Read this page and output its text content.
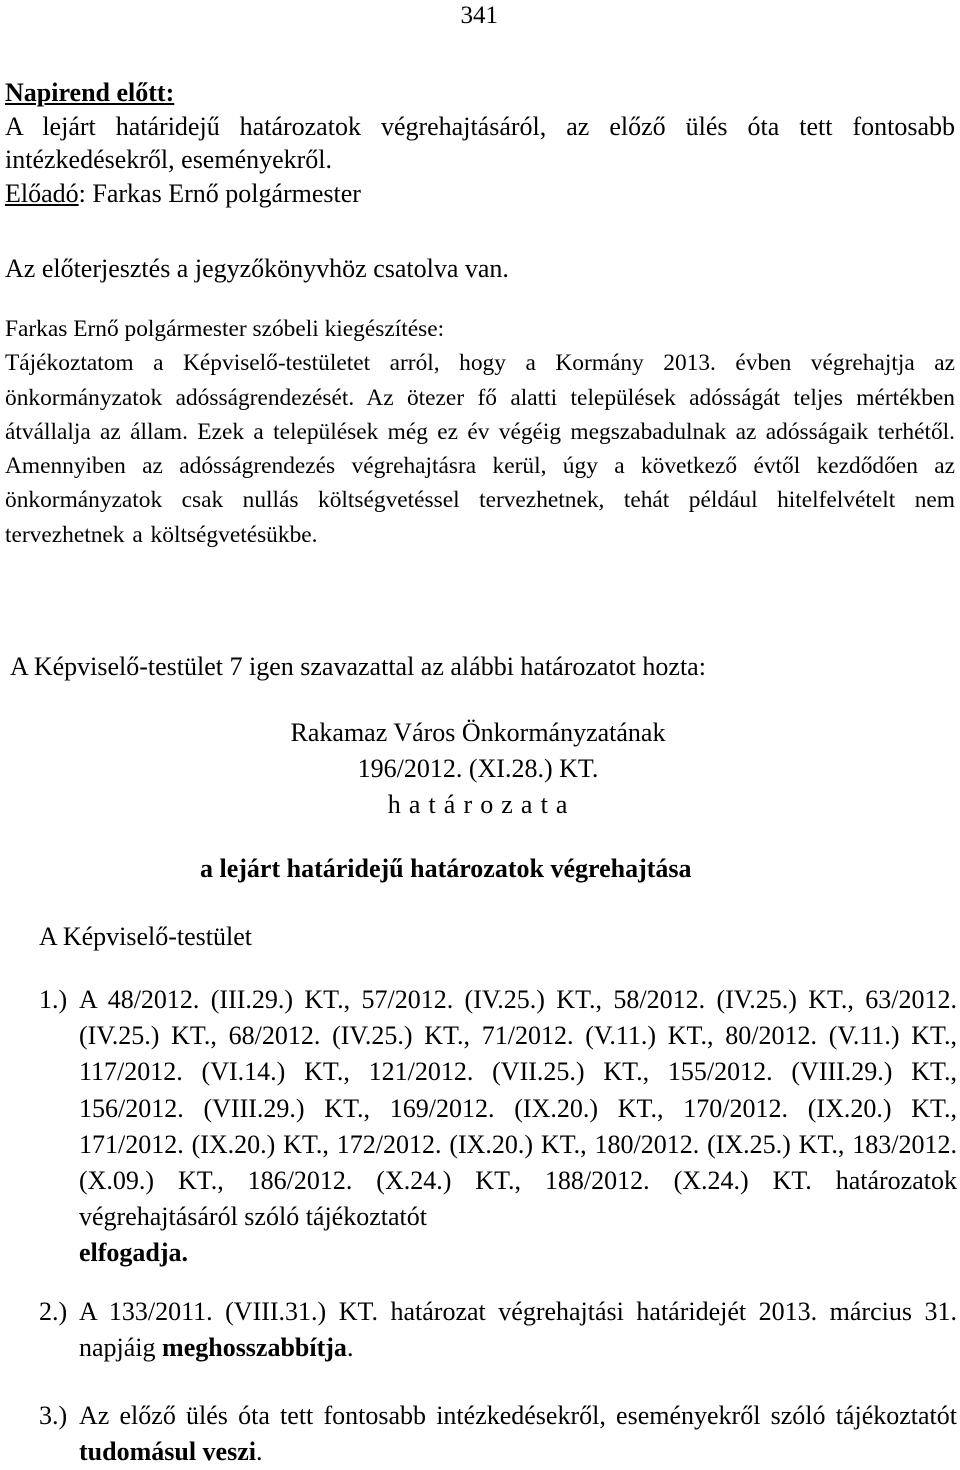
341
Napirend előtt:
A lejárt határidejű határozatok végrehajtásáról, az előző ülés óta tett fontosabb intézkedésekről, eseményekről.
Előadó: Farkas Ernő polgármester
Az előterjesztés a jegyzőkönyvhöz csatolva van.
Farkas Ernő polgármester szóbeli kiegészítése:
Tájékoztatom a Képviselő-testületet arról, hogy a Kormány 2013. évben végrehajtja az önkormányzatok adósságrendezését. Az ötezer fő alatti települések adósságát teljes mértékben átvállalja az állam. Ezek a települések még ez év végéig megszabadulnak az adósságaik terhétől. Amennyiben az adósságrendezés végrehajtásra kerül, úgy a következő évtől kezdődően az önkormányzatok csak nullás költségvetéssel tervezhetnek, tehát például hitelfelvételt nem tervezhetnek a költségvetésükbe.
A Képviselő-testület 7 igen szavazattal az alábbi határozatot hozta:
Rakamaz Város Önkormányzatának
196/2012. (XI.28.) KT.
h a t á r o z a t a
a lejárt határidejű határozatok végrehajtása
A Képviselő-testület
1.) A 48/2012. (III.29.) KT., 57/2012. (IV.25.) KT., 58/2012. (IV.25.) KT., 63/2012. (IV.25.) KT., 68/2012. (IV.25.) KT., 71/2012. (V.11.) KT., 80/2012. (V.11.) KT., 117/2012. (VI.14.) KT., 121/2012. (VII.25.) KT., 155/2012. (VIII.29.) KT., 156/2012. (VIII.29.) KT., 169/2012. (IX.20.) KT., 170/2012. (IX.20.) KT., 171/2012. (IX.20.) KT., 172/2012. (IX.20.) KT., 180/2012. (IX.25.) KT., 183/2012. (X.09.) KT., 186/2012. (X.24.) KT., 188/2012. (X.24.) KT. határozatok végrehajtásáról szóló tájékoztatót
elfogadja.
2.) A 133/2011. (VIII.31.) KT. határozat végrehajtási határidejét 2013. március 31. napjáig meghosszabbítja.
3.) Az előző ülés óta tett fontosabb intézkedésekről, eseményekről szóló tájékoztatót tudomásul veszi.
